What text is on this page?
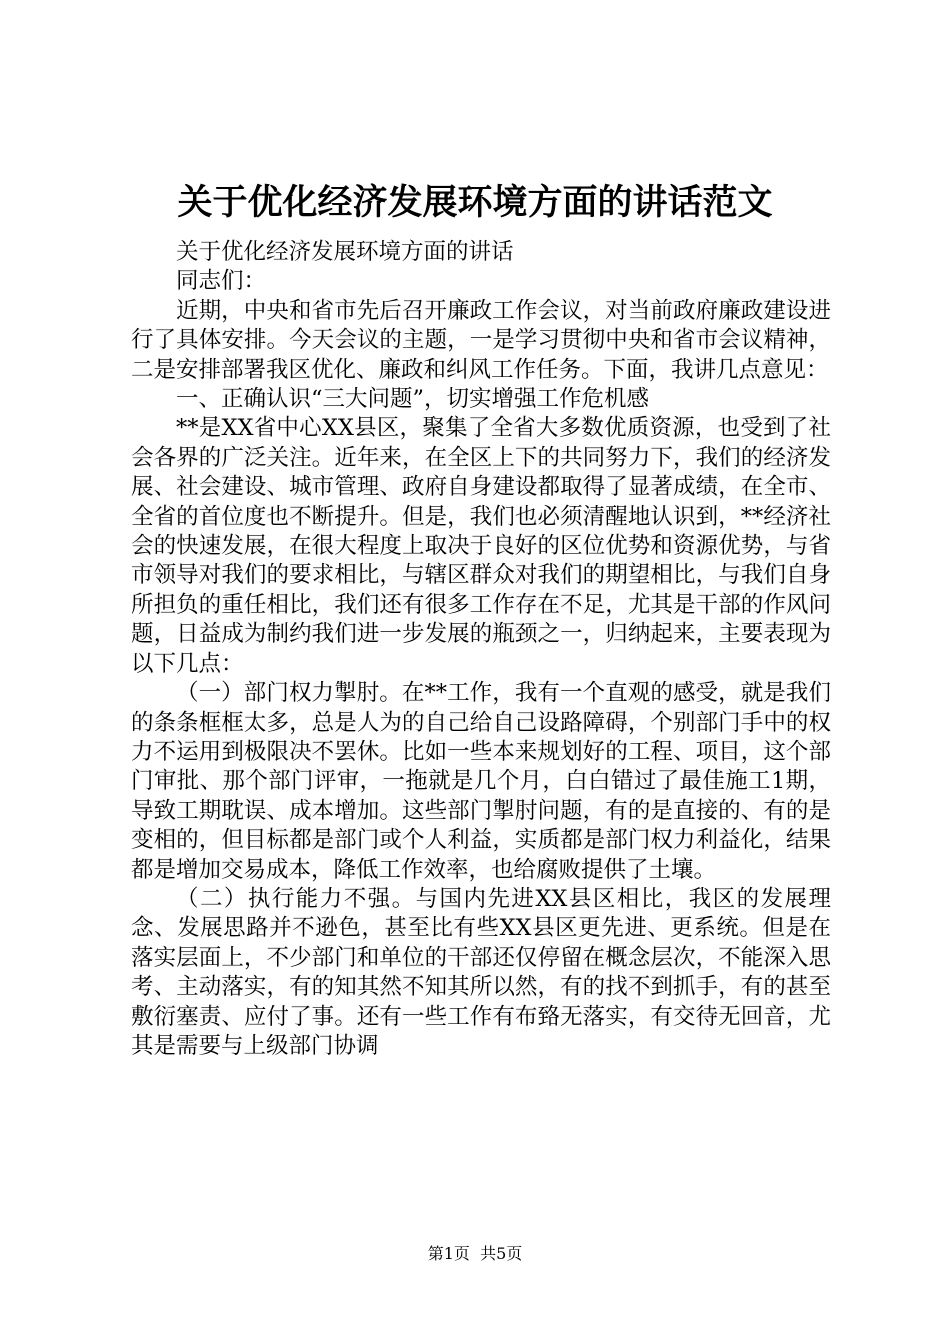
关于优化经济发展环境方面的讲话范文

关于优化经济发展环境方面的讲话

同志们：

近期，中央和省市先后召开廉政工作会议，对当前政府廉政建设进行了具体安排。今天会议的主题，一是学习贯彻中央和省市会议精神，二是安排部署我区优化、廉政和纠风工作任务。下面，我讲几点意见：

一、正确认识“三大问题”，切实增强工作危机感

**是XX省中心XX县区，聚集了全省大多数优质资源，也受到了社会各界的广泛关注。近年来，在全区上下的共同努力下，我们的经济发展、社会建设、城市管理、政府自身建设都取得了显著成绩，在全市、全省的首位度也不断提升。但是，我们也必须清醒地认识到，**经济社会的快速发展，在很大程度上取决于良好的区位优势和资源优势，与省市领导对我们的要求相比，与辖区群众对我们的期望相比，与我们自身所担负的重任相比，我们还有很多工作存在不足，尤其是干部的作风问题，日益成为制约我们进一步发展的瓶颈之一，归纳起来，主要表现为以下几点：

（一）部门权力掣肘。在**工作，我有一个直观的感受，就是我们的条条框框太多，总是人为的自己给自己设路障碍，个别部门手中的权力不运用到极限决不罢休。比如一些本来规划好的工程、项目，这个部门审批、那个部门评审，一拖就是几个月，白白错过了最佳施工1期，导致工期耽误、成本增加。这些部门掣肘问题，有的是直接的、有的是变相的，但目标都是部门或个人利益，实质都是部门权力利益化，结果都是增加交易成本，降低工作效率，也给腐败提供了土壤。

（二）执行能力不强。与国内先进XX县区相比，我区的发展理念、发展思路并不逊色，甚至比有些XX县区更先进、更系统。但是在落实层面上，不少部门和单位的干部还仅停留在概念层次，不能深入思考、主动落实，有的知其然不知其所以然，有的找不到抓手，有的甚至敷衍塞责、应付了事。还有一些工作有布臵无落实，有交待无回音，尤其是需要与上级部门协调

第1页  共5页
